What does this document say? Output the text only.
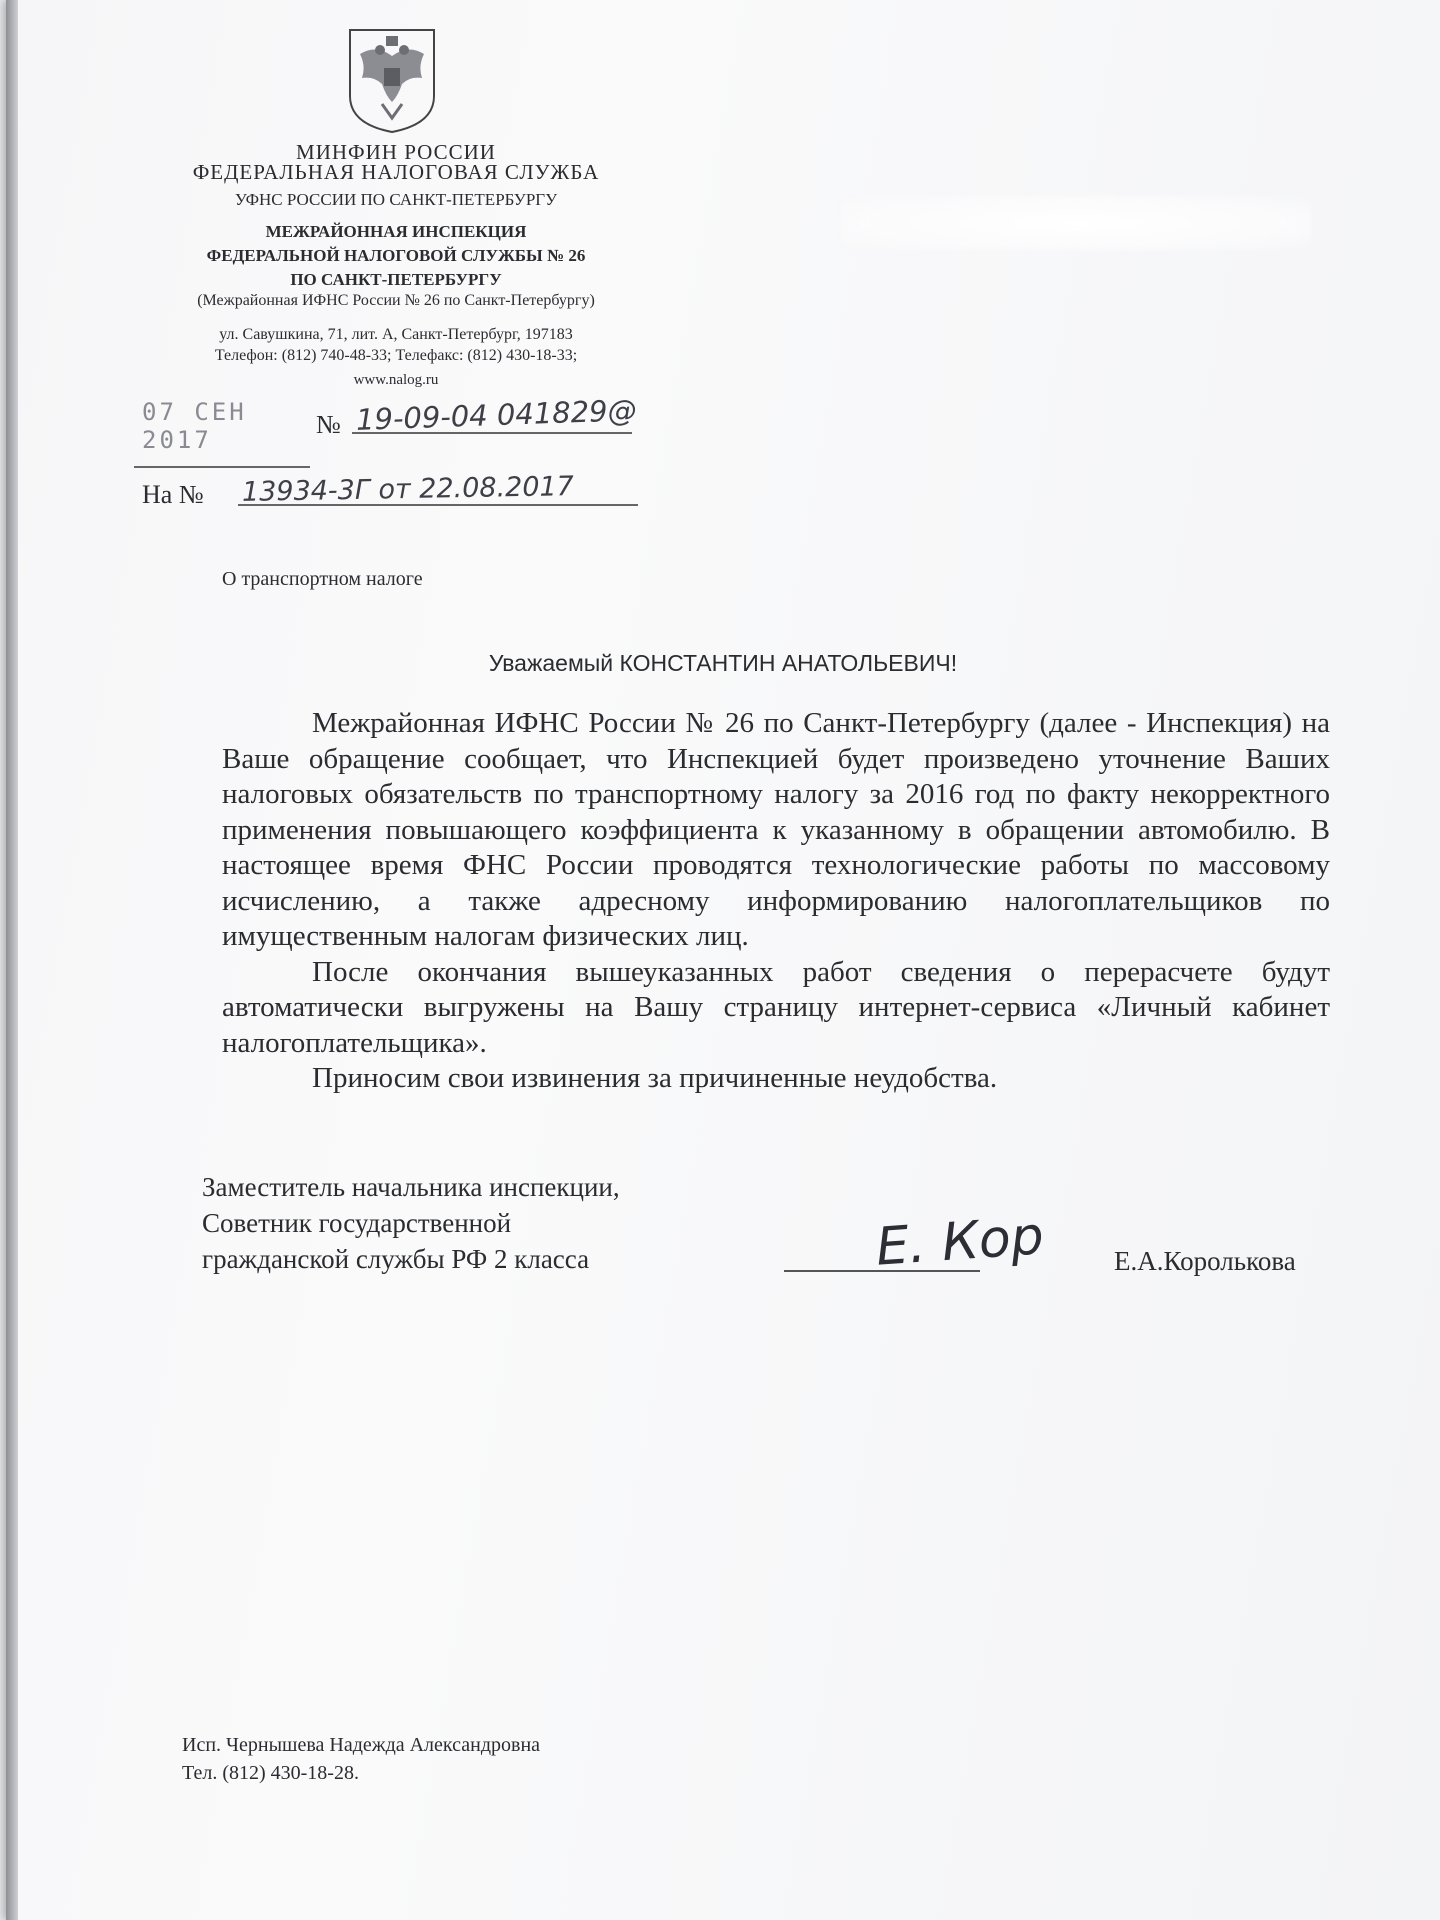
МИНФИН РОССИИ
ФЕДЕРАЛЬНАЯ НАЛОГОВАЯ СЛУЖБА
УФНС РОССИИ ПО САНКТ-ПЕТЕРБУРГУ
МЕЖРАЙОННАЯ ИНСПЕКЦИЯ
ФЕДЕРАЛЬНОЙ НАЛОГОВОЙ СЛУЖБЫ № 26
ПО САНКТ-ПЕТЕРБУРГУ
(Межрайонная ИФНС России № 26 по Санкт-Петербургу)
ул. Савушкина, 71, лит. А, Санкт-Петербург, 197183
Телефон: (812) 740-48-33; Телефакс: (812) 430-18-33;
www.nalog.ru
07 СЕН 2017
№ 19-09-04 041829@
На № 13934-3Г от 22.08.2017
О транспортном налоге
Уважаемый КОНСТАНТИН АНАТОЛЬЕВИЧ!

Межрайонная ИФНС России № 26 по Санкт-Петербургу (далее - Инспекция) на Ваше обращение сообщает, что Инспекцией будет произведено уточнение Ваших налоговых обязательств по транспортному налогу за 2016 год по факту некорректного применения повышающего коэффициента к указанному в обращении автомобилю. В настоящее время ФНС России проводятся технологические работы по массовому исчислению, а также адресному информированию налогоплательщиков по имущественным налогам физических лиц.

После окончания вышеуказанных работ сведения о перерасчете будут автоматически выгружены на Вашу страницу интернет-сервиса «Личный кабинет налогоплательщика».

Приносим свои извинения за причиненные неудобства.

Заместитель начальника инспекции,
Советник государственной
гражданской службы РФ 2 класса	Е. Кор	Е.А.Королькова
Исп. Чернышева Надежда Александровна
Тел. (812) 430-18-28.
